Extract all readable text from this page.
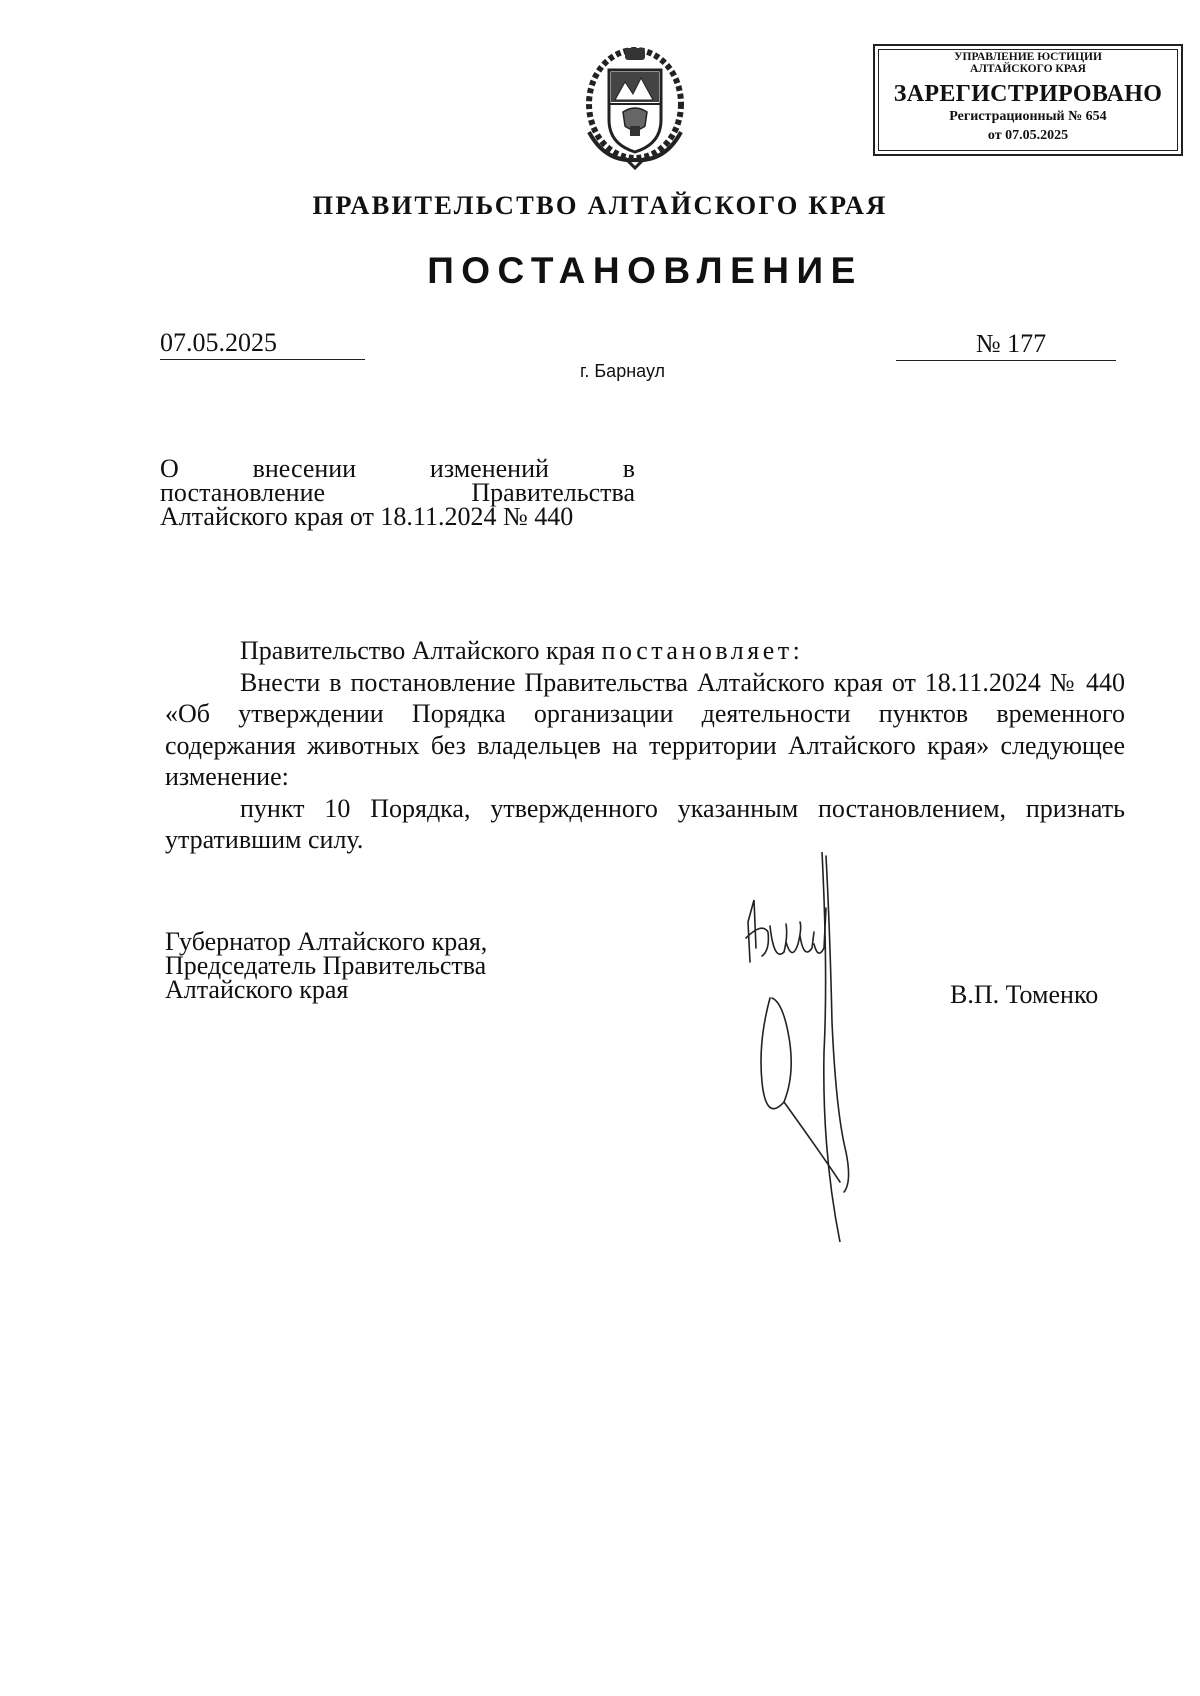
УПРАВЛЕНИЕ ЮСТИЦИИ
АЛТАЙСКОГО КРАЯ
ЗАРЕГИСТРИРОВАНО
Регистрационный № 654
от 07.05.2025
ПРАВИТЕЛЬСТВО АЛТАЙСКОГО КРАЯ
ПОСТАНОВЛЕНИЕ
07.05.2025	№ 177
г. Барнаул
О внесении изменений в
постановление Правительства
Алтайского края от 18.11.2024 № 440

Правительство Алтайского края постановляет:

Внести в постановление Правительства Алтайского края от 18.11.2024 № 440 «Об утверждении Порядка организации деятельности пунктов временного содержания животных без владельцев на территории Алтайского края» следующее изменение:

пункт 10 Порядка, утвержденного указанным постановлением, признать утратившим силу.

Губернатор Алтайского края,
Председатель Правительства
Алтайского края	В.П. Томенко
